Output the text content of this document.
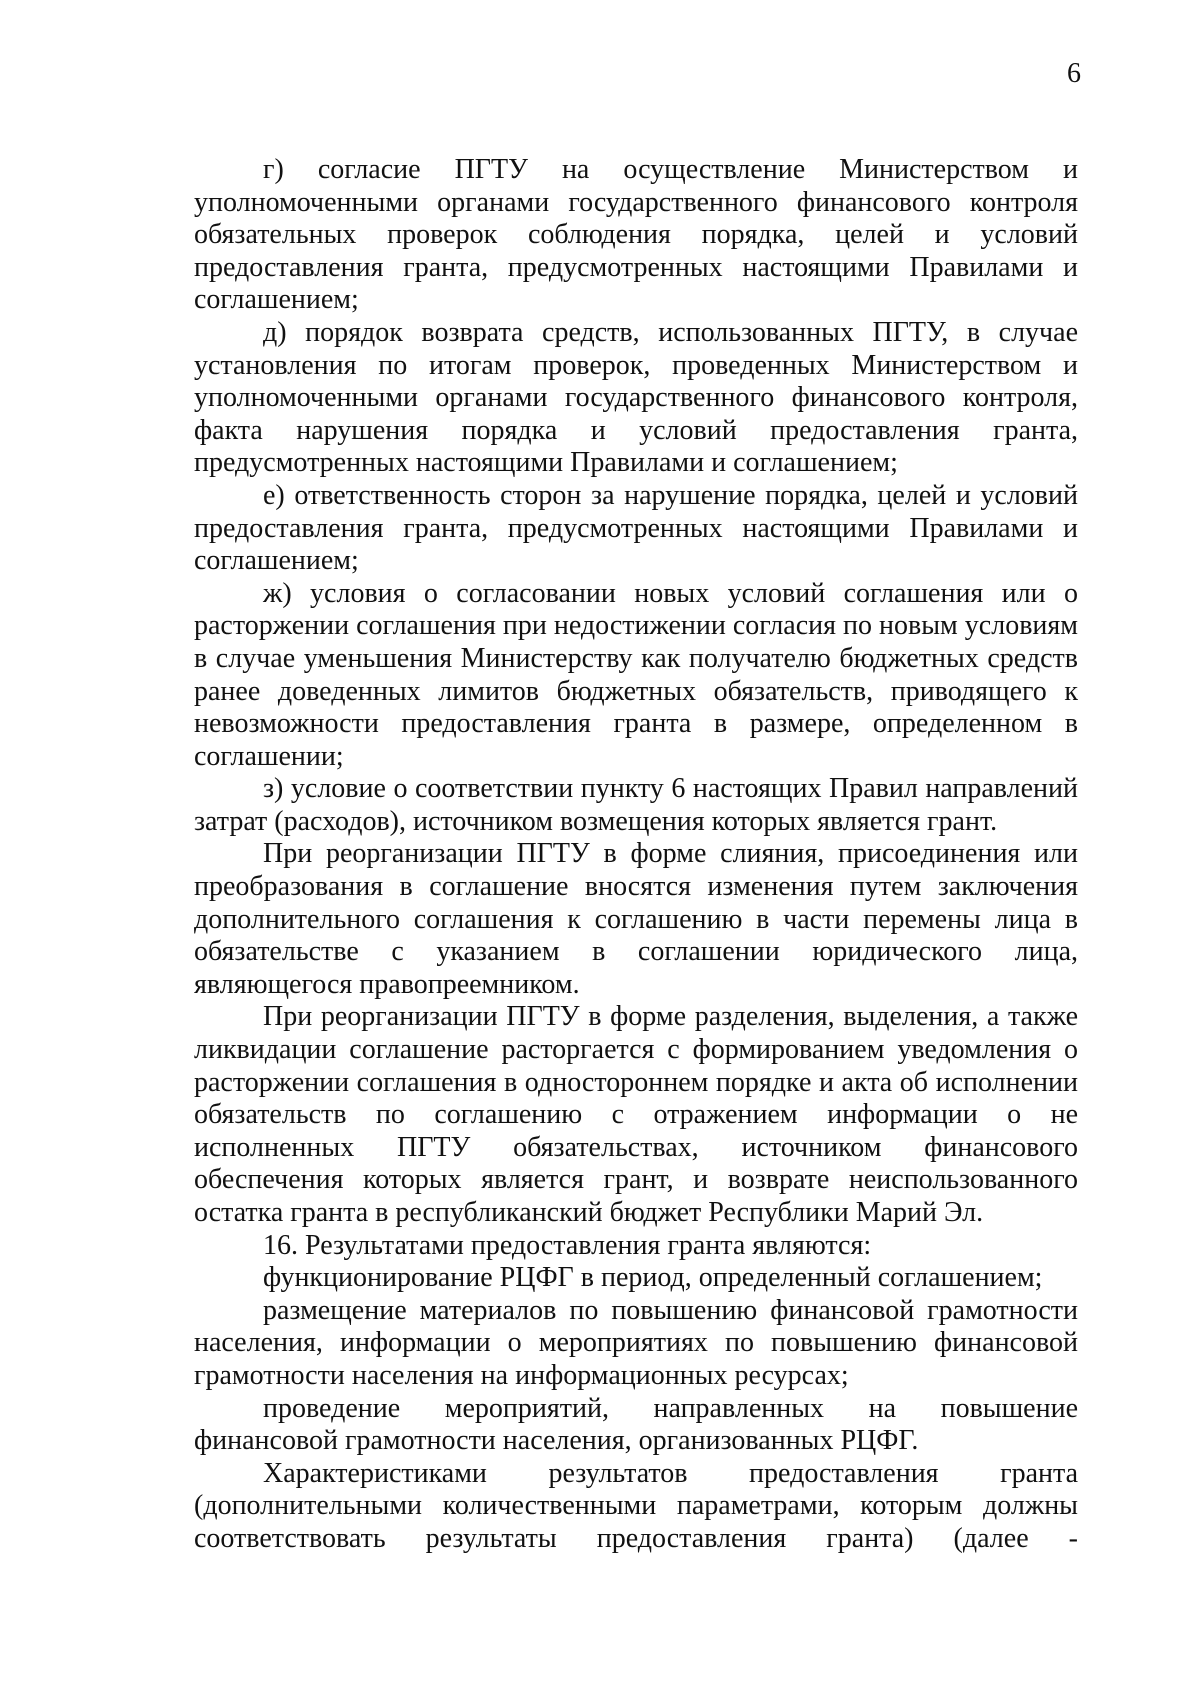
6

г) согласие ПГТУ на осуществление Министерством и уполномоченными органами государственного финансового контроля обязательных проверок соблюдения порядка, целей и условий предоставления гранта, предусмотренных настоящими Правилами и соглашением;

д) порядок возврата средств, использованных ПГТУ, в случае установления по итогам проверок, проведенных Министерством и уполномоченными органами государственного финансового контроля, факта нарушения порядка и условий предоставления гранта, предусмотренных настоящими Правилами и соглашением;

е) ответственность сторон за нарушение порядка, целей и условий предоставления гранта, предусмотренных настоящими Правилами и соглашением;

ж) условия о согласовании новых условий соглашения или о расторжении соглашения при недостижении согласия по новым условиям в случае уменьшения Министерству как получателю бюджетных средств ранее доведенных лимитов бюджетных обязательств, приводящего к невозможности предоставления гранта в размере, определенном в соглашении;

з) условие о соответствии пункту 6 настоящих Правил направлений затрат (расходов), источником возмещения которых является грант.

При реорганизации ПГТУ в форме слияния, присоединения или преобразования в соглашение вносятся изменения путем заключения дополнительного соглашения к соглашению в части перемены лица в обязательстве с указанием в соглашении юридического лица, являющегося правопреемником.

При реорганизации ПГТУ в форме разделения, выделения, а также ликвидации соглашение расторгается с формированием уведомления о расторжении соглашения в одностороннем порядке и акта об исполнении обязательств по соглашению с отражением информации о не исполненных ПГТУ обязательствах, источником финансового обеспечения которых является грант, и возврате неиспользованного остатка гранта в республиканский бюджет Республики Марий Эл.

16. Результатами предоставления гранта являются:

функционирование РЦФГ в период, определенный соглашением;

размещение материалов по повышению финансовой грамотности населения, информации о мероприятиях по повышению финансовой грамотности населения на информационных ресурсах;

проведение мероприятий, направленных на повышение финансовой грамотности населения, организованных РЦФГ.

Характеристиками результатов предоставления гранта (дополнительными количественными параметрами, которым должны соответствовать результаты предоставления гранта) (далее -
